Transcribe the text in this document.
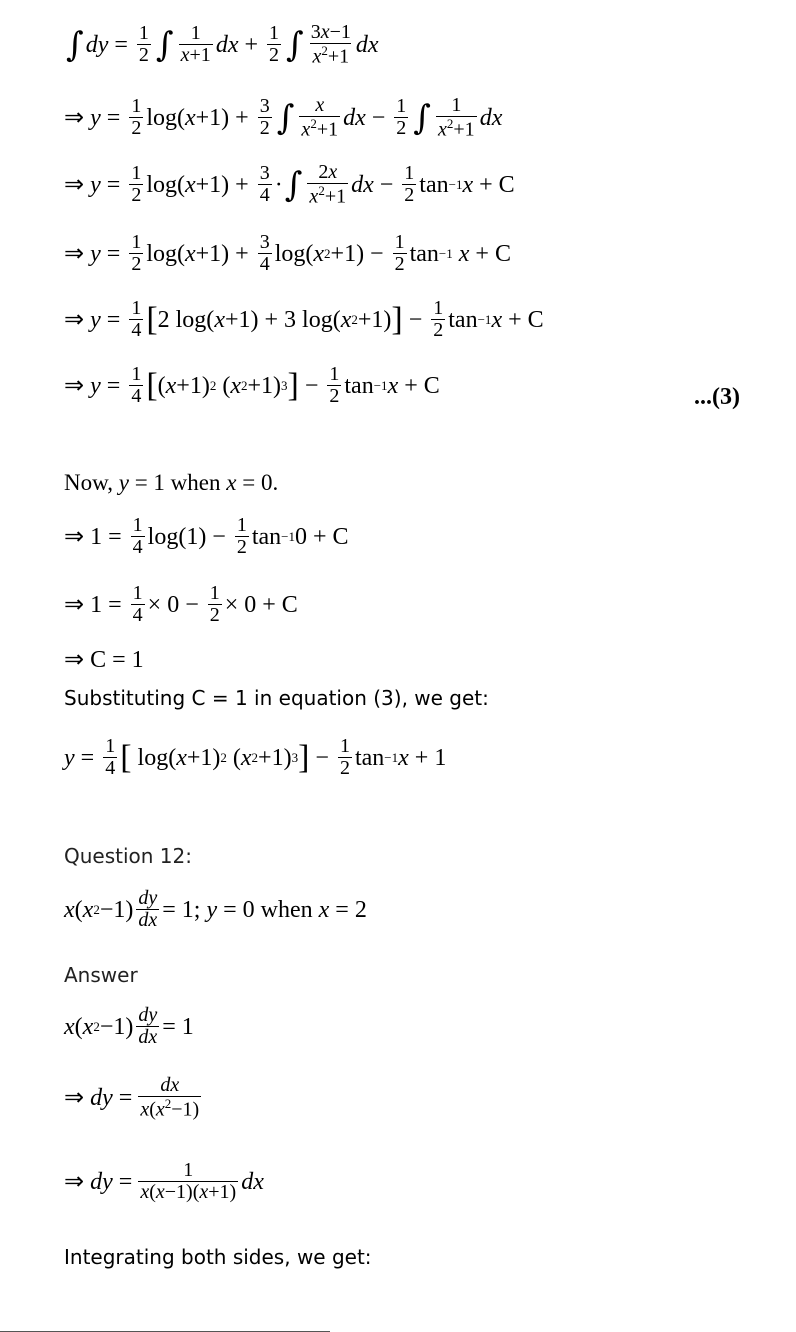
∫ dy = $\frac{1}{2}$ ∫ $\frac{1}{x+1}$ dx + $\frac{1}{2}$ ∫ $\frac{3x-1}{x^2+1}$ dx
⇒ $y = \frac{1}{2} \log$( $x +1) + \frac{3}{2}$ ∫ $\frac{x}{x^2+1}$ dx − $\frac{1}{2}$ ∫ $\frac{1}{x^2+1}$ dx
⇒ $y = \frac{1}{2} \log$( $x +1) + \frac{3}{4}$ · ∫ $\frac{2x}{x^2+1}$ dx − $\frac{1}{2}$ tan −1 x + C
⇒ $y = \frac{1}{2} \log$( $x +1) + \frac{3}{4} \log$( x $2 +1) - \frac{1}{2}$ tan −1
x + C
⇒ $y = \frac{1}{4}$ [ 2 log( x +1) + 3 log( x 2 +1) ] − $\frac{1}{2}$ tan −1 x + C
⇒ $y = \frac{1}{4}$ [ ( x +1) 2 ( x 2 +1) 3 ] − $\frac{1}{2}$ tan −1 x + C	...(3)
Now, y = 1 when x = 0.
⇒ $1 = \frac{1}{4} \log(1) - \frac{1}{2}$ tan −1 0 + C
⇒ $1 = \frac{1}{4} \times 0 - \frac{1}{2} \times 0 + C$
⇒ C = 1
Substituting C = 1 in equation (3), we get:
$y = \frac{1}{4}$ [ log( x +1) 2 ( x 2 +1) 3 ] − $\frac{1}{2}$ tan −1 x + 1
Question 12:
x ( x $2 -1) \frac{dy}{dx} = 1$; y = 0 when x = 2
Answer
x ( x $2 -1) \frac{dy}{dx} = 1$
⇒ dy = $\frac{dx}{x(x^2-1)}$
⇒ dy = $\frac{1}{x(x-1)(x+1)}$ dx
Integrating both sides, we get:
